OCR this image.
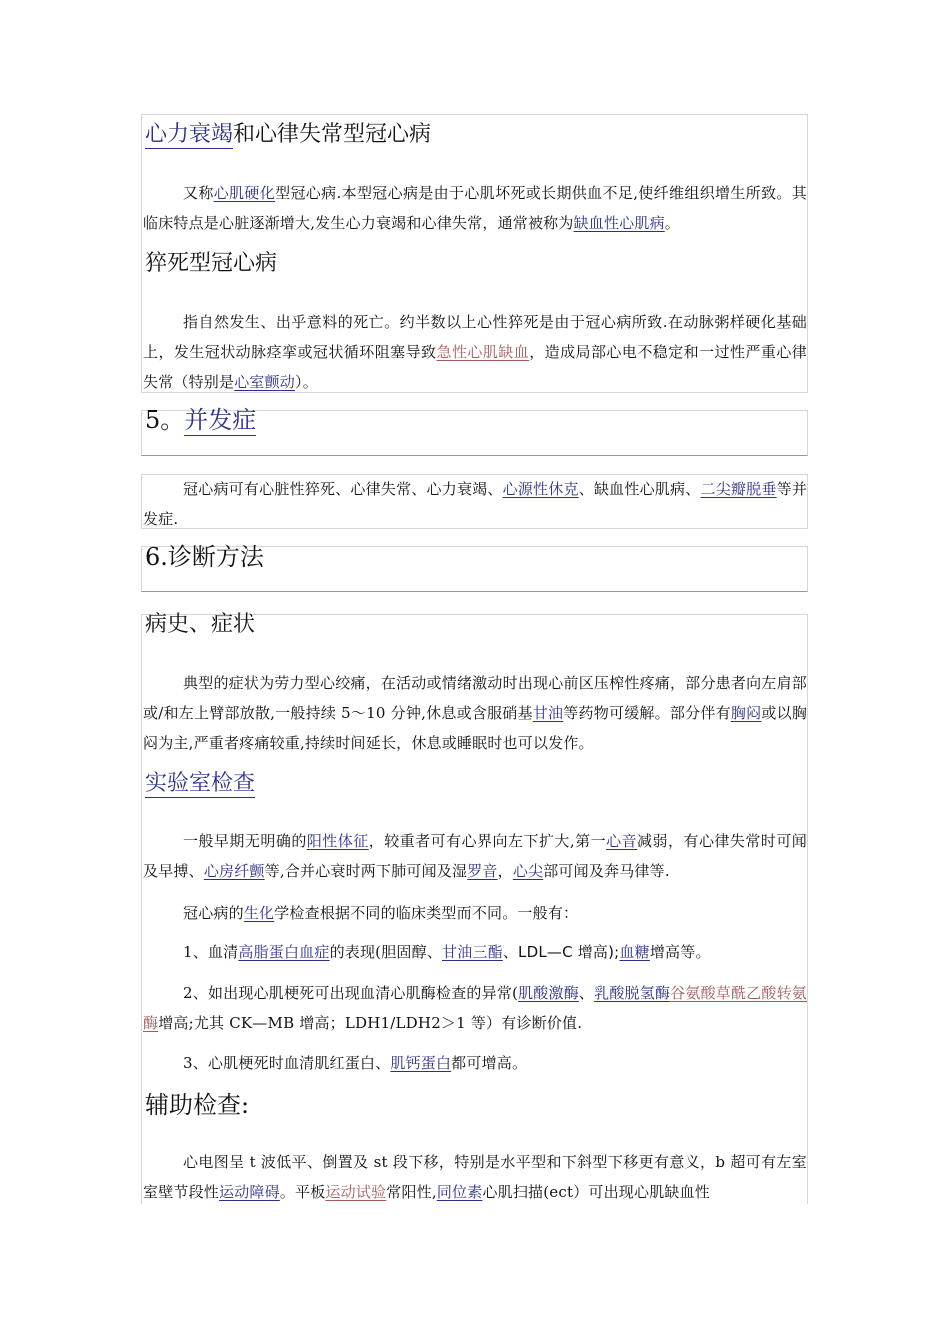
心力衰竭和心律失常型冠心病
又称心肌硬化型冠心病.本型冠心病是由于心肌坏死或长期供血不足,使纤维组织增生所致。其临床特点是心脏逐渐增大,发生心力衰竭和心律失常，通常被称为缺血性心肌病。
猝死型冠心病
指自然发生、出乎意料的死亡。约半数以上心性猝死是由于冠心病所致.在动脉粥样硬化基础上，发生冠状动脉痉挛或冠状循环阻塞导致急性心肌缺血，造成局部心电不稳定和一过性严重心律失常（特别是心室颤动）。
5。并发症
冠心病可有心脏性猝死、心律失常、心力衰竭、心源性休克、缺血性心肌病、二尖瓣脱垂等并发症.
6.诊断方法
病史、症状
典型的症状为劳力型心绞痛，在活动或情绪激动时出现心前区压榨性疼痛，部分患者向左肩部或/和左上臂部放散,一般持续 5～10 分钟,休息或含服硝基甘油等药物可缓解。部分伴有胸闷或以胸闷为主,严重者疼痛较重,持续时间延长，休息或睡眠时也可以发作。
实验室检查
一般早期无明确的阳性体征，较重者可有心界向左下扩大,第一心音减弱，有心律失常时可闻及早搏、心房纤颤等,合并心衰时两下肺可闻及湿罗音，心尖部可闻及奔马律等.
冠心病的生化学检查根据不同的临床类型而不同。一般有：
1、血清高脂蛋白血症的表现(胆固醇、甘油三酯、LDL—C 增高);血糖增高等。
2、如出现心肌梗死可出现血清心肌酶检查的异常(肌酸激酶、乳酸脱氢酶谷氨酸草酰乙酸转氨酶增高;尤其 CK—MB 增高；LDH1/LDH2＞1 等）有诊断价值.
3、心肌梗死时血清肌红蛋白、肌钙蛋白都可增高。
辅助检查:
心电图呈 t 波低平、倒置及 st 段下移，特别是水平型和下斜型下移更有意义，b 超可有左室室壁节段性运动障碍。平板运动试验常阳性,同位素心肌扫描(ect）可出现心肌缺血性
